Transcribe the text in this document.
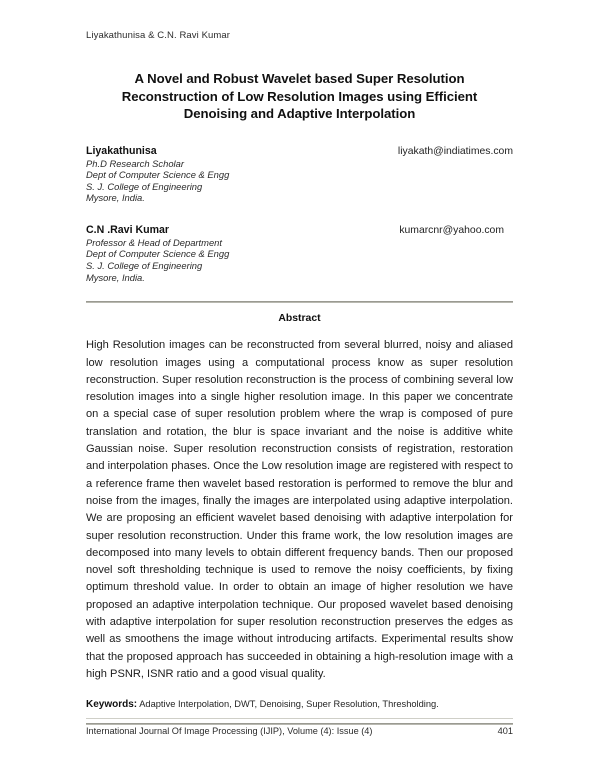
Liyakathunisa & C.N. Ravi Kumar
A Novel and Robust Wavelet based Super Resolution
Reconstruction of Low Resolution Images using Efficient
Denoising and Adaptive Interpolation
Liyakathunisa	liyakath@indiatimes.com
Ph.D Research Scholar
Dept of Computer Science & Engg
S. J. College of Engineering
Mysore, India.
C.N .Ravi Kumar	kumarcnr@yahoo.com
Professor & Head of Department
Dept of Computer Science & Engg
S. J. College of Engineering
Mysore, India.
Abstract
High Resolution images can be reconstructed from several blurred, noisy and aliased low resolution images using a computational process know as super resolution reconstruction. Super resolution reconstruction is the process of combining several low resolution images into a single higher resolution image. In this paper we concentrate on a special case of super resolution problem where the wrap is composed of pure translation and rotation, the blur is space invariant and the noise is additive white Gaussian noise. Super resolution reconstruction consists of registration, restoration and interpolation phases. Once the Low resolution image are registered with respect to a reference frame then wavelet based restoration is performed to remove the blur and noise from the images, finally the images are interpolated using adaptive interpolation. We are proposing an efficient wavelet based denoising with adaptive interpolation for super resolution reconstruction. Under this frame work, the low resolution images are decomposed into many levels to obtain different frequency bands. Then our proposed novel soft thresholding technique is used to remove the noisy coefficients, by fixing optimum threshold value. In order to obtain an image of higher resolution we have proposed an adaptive interpolation technique. Our proposed wavelet based denoising with adaptive interpolation for super resolution reconstruction preserves the edges as well as smoothens the image without introducing artifacts. Experimental results show that the proposed approach has succeeded in obtaining a high-resolution image with a high PSNR, ISNR ratio and a good visual quality.
Keywords: Adaptive Interpolation, DWT, Denoising, Super Resolution, Thresholding.
International Journal Of Image Processing (IJIP), Volume (4): Issue (4)	401
